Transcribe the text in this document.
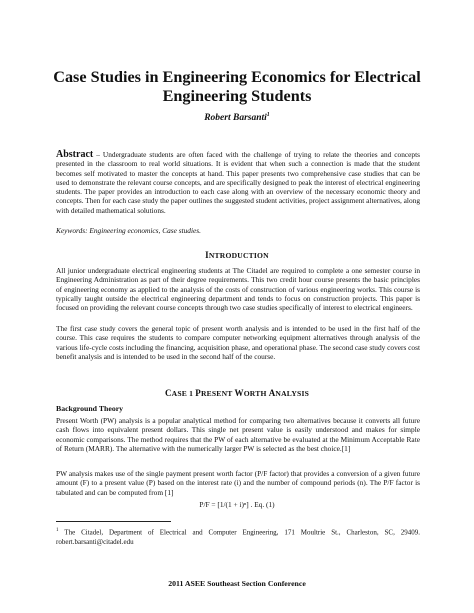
Case Studies in Engineering Economics for Electrical Engineering Students
Robert Barsanti$^1$

Abstract – Undergraduate students are often faced with the challenge of trying to relate the theories and concepts presented in the classroom to real world situations. It is evident that when such a connection is made that the student becomes self motivated to master the concepts at hand. This paper presents two comprehensive case studies that can be used to demonstrate the relevant course concepts, and are specifically designed to peak the interest of electrical engineering students. The paper provides an introduction to each case along with an overview of the necessary economic theory and concepts. Then for each case study the paper outlines the suggested student activities, project assignment alternatives, along with detailed mathematical solutions.

Keywords: Engineering economics, Case studies.

INTRODUCTION

All junior undergraduate electrical engineering students at The Citadel are required to complete a one semester course in Engineering Administration as part of their degree requirements. This two credit hour course presents the basic principles of engineering economy as applied to the analysis of the costs of construction of various engineering works. This course is typically taught outside the electrical engineering department and tends to focus on construction projects. This paper is focused on providing the relevant course concepts through two case studies specifically of interest to electrical engineers.

The first case study covers the general topic of present worth analysis and is intended to be used in the first half of the course. This case requires the students to compare computer networking equipment alternatives through analysis of the various life-cycle costs including the financing, acquisition phase, and operational phase. The second case study covers cost benefit analysis and is intended to be used in the second half of the course.

CASE 1 PRESENT WORTH ANALYSIS
Background Theory

Present Worth (PW) analysis is a popular analytical method for comparing two alternatives because it converts all future cash flows into equivalent present dollars. This single net present value is easily understood and makes for simple economic comparisons. The method requires that the PW of each alternative be evaluated at the Minimum Acceptable Rate of Return (MARR). The alternative with the numerically larger PW is selected as the best choice.[1]

PW analysis makes use of the single payment present worth factor (P/F factor) that provides a conversion of a given future amount (F) to a present value (P) based on the interest rate (i) and the number of compound periods (n). The P/F factor is tabulated and can be computed from [1]

P/F = [1/(1 + i)ⁿ] . Eq. (1)

$^1$ The Citadel, Department of Electrical and Computer Engineering, 171 Moultrie St., Charleston, SC, 29409. robert.barsanti@citadel.edu

2011 ASEE Southeast Section Conference
